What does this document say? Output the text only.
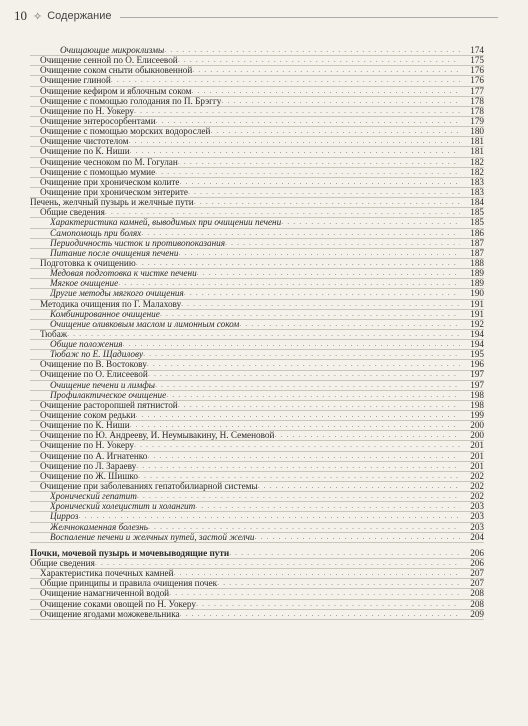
10 ✧ Содержание
Очищающие микроклизмы . . .	174
Очищение сенной по О. Елисеевой . . .	175
Очищение соком сныти обыкновенной . . .	176
Очищение глиной . . .	176
Очищение кефиром и яблочным соком . . .	177
Очищение с помощью голодания по П. Брэггу . . .	178
Очищение по Н. Уокеру . . .	178
Очищение энтеросорбентами . . .	179
Очищение с помощью морских водорослей . . .	180
Очищение чистотелом . . .	181
Очищение по К. Ниши . . .	181
Очищение чесноком по М. Гогулан . . .	182
Очищение с помощью мумие . . .	182
Очищение при хроническом колите . . .	183
Очищение при хроническом энтерите . . .	183
Печень, желчный пузырь и желчные пути . . .	184
Общие сведения . . .	185
Характеристика камней, выводимых при очищении печени . . .	185
Самопомощь при болях . . .	186
Периодичность чисток и противопоказания . . .	187
Питание после очищения печени . . .	187
Подготовка к очищению . . .	188
Медовая подготовка к чистке печени . . .	189
Мягкое очищение . . .	189
Другие методы мягкого очищения . . .	190
Методика очищения по Г. Малахову . . .	191
Комбинированное очищение . . .	191
Очищение оливковым маслом и лимонным соком . . .	192
Тюбаж . . .	194
Общие положения . . .	194
Тюбаж по Е. Щадилову . . .	195
Очищение по В. Востокову . . .	196
Очищение по О. Елисеевой . . .	197
Очищение печени и лимфы . . .	197
Профилактическое очищение . . .	198
Очищение расторопшей пятнистой . . .	198
Очищение соком редьки . . .	199
Очищение по К. Ниши . . .	200
Очищение по Ю. Андрееву, И. Неумывакину, Н. Семеновой . . .	200
Очищение по Н. Уокеру . . .	201
Очищение по А. Игнатенко . . .	201
Очищение по Л. Зараеву . . .	201
Очищение по Ж. Шишко . . .	202
Очищение при заболеваниях гепатобилиарной системы . . .	202
Хронический гепатит . . .	202
Хронический холецистит и холангит . . .	203
Цирроз . . .	203
Желчнокаменная болезнь . . .	203
Воспаление печени и желчных путей, застой желчи . . .	204
Почки, мочевой пузырь и мочевыводящие пути . . .	206
Общие сведения . . .	206
Характеристика почечных камней . . .	207
Общие принципы и правила очищения почек . . .	207
Очищение намагниченной водой . . .	208
Очищение соками овощей по Н. Уокеру . . .	208
Очищение ягодами можжевельника . . .	209
